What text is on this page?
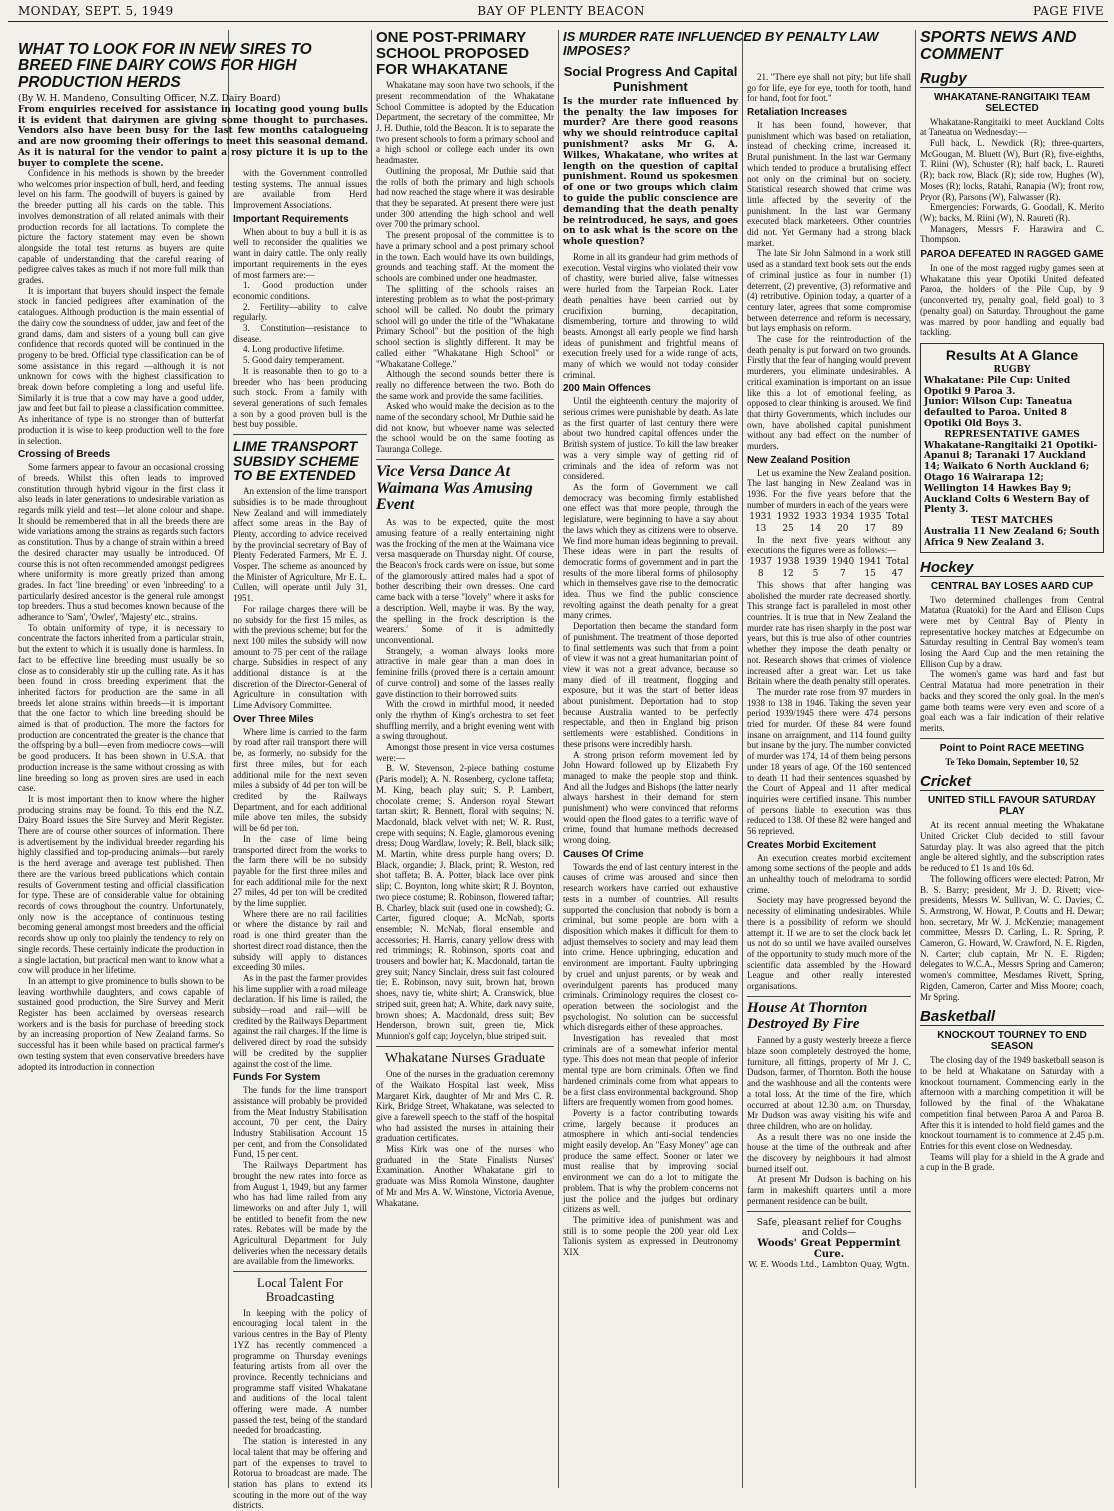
MONDAY, SEPT. 5, 1949	BAY OF PLENTY BEACON	PAGE FIVE
WHAT TO LOOK FOR IN NEW SIRES TO BREED FINE DAIRY COWS FOR HIGH PRODUCTION HERDS
(By W. H. Mandeno, Consulting Officer, N.Z. Dairy Board)
From enquiries received for assistance in locating good young bulls it is evident that dairymen are giving some thought to purchases. Vendors also have been busy for the last few months catalogueing and are now grooming their offerings to meet this seasonal demand. As it is natural for the vendor to paint a rosy picture it is up to the buyer to complete the scene.

Confidence in his methods is shown by the breeder who welcomes prior inspection of bull, herd, and feeding level on his farm. The goodwill of buyers is gained by the breeder putting all his cards on the table. This involves demonstration of all related animals with their production records for all lactations. To complete the picture the factory statement may even be shown alongside the total test returns as buyers are quite capable of understanding that the careful rearing of pedigree calves takes as much if not more full milk than grades.

It is important that buyers should inspect the female stock in fancied pedigrees after examination of the catalogues. Although production is the main essential of the dairy cow the soundness of udder, jaw and feet of the grand dams, dam and sisters of a young bull can give confidence that records quoted will be continued in the progeny to be bred. Official type classification can be of some assistance in this regard —although it is not unknown for cows with the highest classification to break down before completing a long and useful life. Similarly it is true that a cow may have a good udder, jaw and feet but fail to please a classification committee. As inheritance of type is no stronger than of butterfat production it is wise to keep production well to the fore in selection.

Crossing of Breeds

Some farmers appear to favour an occasional crossing of breeds. Whilst this often leads to improved constitution through hybrid vigour in the first class it also leads in later generations to undesirable variation as regards milk yield and test—let alone colour and shape. It should be remembered that in all the breeds there are wide variations among the strains as regards such factors as constitution. Thus by a change of strain within a breed the desired character may usually be introduced. Of course this is not often recommended amongst pedigrees where uniformity is more greatly prized than among grades. In fact 'line breeding' or even 'inbreeding' to a particularly desired ancestor is the general rule amongst top breeders. Thus a stud becomes known because of the adherance to 'Sam', 'Owler', 'Majesty' etc., strains.

To obtain uniformity of type, it is necessary to concentrate the factors inherited from a particular strain, but the extent to which it is usually done is harmless. In fact to be effective line breeding must usually be so close as to considerably stir up the culling rate. As it has been found in cross breeding experiment that the inherited factors for production are the same in all breeds let alone strains within breeds—it is important that the one factor to which line breeding should be aimed is that of production. The more the factors for production are concentrated the greater is the chance that the offspring by a bull—even from mediocre cows—will be good producers. It has been shown in U.S.A. that production increase is the same without crossing as with line breeding so long as proven sires are used in each case.

It is most important then to know where the higher producing strains may be found. To this end the N.Z. Dairy Board issues the Sire Survey and Merit Register. There are of course other sources of information. There is advertisement by the individual breeder regarding his highly classified and top-producing animals—but rarely is the herd average and average test published. Then there are the various breed publications which contain results of Government testing and official classification for type. These are of considerable value for obtaining records of cows throughout the country. Unfortunately, only now is the acceptance of continuous testing becoming general amongst most breeders and the official records show up only too plainly the tendency to rely on single records. These certainly indicate the production in a single lactation, but practical men want to know what a cow will produce in her lifetime.

In an attempt to give prominence to bulls shown to be leaving worthwhile daughters, and cows capable of sustained good production, the Sire Survey and Merit Register has been acclaimed by overseas research workers and is the basis for purchase of breeding stock by an increasing proportion of New Zealand farms. So successful has it been while based on practical farmer's own testing system that even conservative breeders have adopted its introduction in connection

with the Government controlled testing systems. The annual issues are available from Herd Improvement Associations.

Important Requirements

When about to buy a bull it is as well to reconsider the qualities we want in dairy cattle. The only really important requirements in the eyes of most farmers are:—

1. Good production under economic conditions.

2. Fertility—ability to calve regularly.

3. Constitution—resistance to disease.

4. Long productive lifetime.

5. Good dairy temperament.

It is reasonable then to go to a breeder who has been producing such stock. From a family with several generations of such females a son by a good proven bull is the best buy possible.

LIME TRANSPORT SUBSIDY SCHEME TO BE EXTENDED

An extension of the lime transport subsidies is to be made throughout New Zealand and will immediately affect some areas in the Bay of Plenty, according to advice received by the provincial secretary of Bay of Plenty Federated Farmers, Mr E. J. Vosper. The scheme as anounced by the Minister of Agriculture, Mr E. L. Cullen, will operate until July 31, 1951.

For railage charges there will be no subsidy for the first 15 miles, as with the previous scheme; but for the next 100 miles the subsidy will now amount to 75 per cent of the railage charge. Subsidies in respect of any additional distance is at the discretion of the Director-General of Agriculture in consultation with Lime Advisory Committee.

Over Three Miles

Where lime is carried to the farm by road after rail transport there will be, as formerly, no subsidy for the first three miles, but for each additional mile for the next seven miles a subsidy of 4d per ton will be credited by the Railways Department, and for each additional mile above ten miles, the subsidy will be 6d per ton.

In the case of lime being transported direct from the works to the farm there will be no subsidy payable for the first three miles and for each additional mile for the next 27 miles, 4d per ton will be credited by the lime supplier.

Where there are no rail facilities or where the distance by rail and road is one third greater than the shortest direct road distance, then the subsidy will apply to distances exceeding 30 miles.

As in the past the farmer provides his lime supplier with a road mileage declaration. If his lime is railed, the subsidy—road and rail—will be credited by the Railways Department against the rail charges. If the lime is delivered direct by road the subsidy will be credited by the supplier against the cost of the lime.

Funds For System

The funds for the lime transport assistance will probably be provided from the Meat Industry Stabilisation account, 70 per cent, the Dairy Industry Stabilisation Account 15 per cent, and from the Consolidated Fund, 15 per cent.

The Railways Department has brought the new rates into force as from August 1, 1949, but any farmer who has had lime railed from any limeworks on and after July 1, will be entitled to benefit from the new rates. Rebates will be made by the Agricultural Department for July deliveries when the necessary details are available from the limeworks.

Local Talent For Broadcasting

In keeping with the policy of encouraging local talent in the various centres in the Bay of Plenty 1YZ has recently commenced a programme on Thursday evenings featuring artists from all over the province. Recently technicians and programme staff visited Whakatane and auditions of the local talent offering were made. A number passed the test, being of the standard needed for broadcasting.

The station is interested in any local talent that may be offering and part of the expenses to travel to Rotorua to broadcast are made. The station has plans to extend its scouting in the more out of the way districts.

ONE POST-PRIMARY SCHOOL PROPOSED FOR WHAKATANE

Whakatane may soon have two schools, if the present recommendation of the Whakatane School Committee is adopted by the Education Department, the secretary of the committee, Mr J. H. Duthie, told the Beacon. It is to separate the two present schools to form a primary school and a high school or college each under its own headmaster.

Outlining the proposal, Mr Duthie said that the rolls of both the primary and high schools had now reached the stage where it was desirable that they be separated. At present there were just under 300 attending the high school and well over 700 the primary school.

The present proposal of the committee is to have a primary school and a post primary school in the town. Each would have its own buildings, grounds and teaching staff. At the moment the schools are combined under one headmaster.

The splitting of the schools raises an interesting problem as to what the post-primary school will be called. No doubt the primary school will go under the title of the "Whakatane Primary School" but the position of the high school section is slightly different. It may be called either "Whakatane High School" or "Whakatane College."

Although the second sounds better there is really no difference between the two. Both do the same work and provide the same facilities.

Asked who would make the decision as to the name of the secondary school, Mr Duthie said he did not know, but whoever name was selected the school would be on the same footing as Tauranga College.

Vice Versa Dance At Waimana Was Amusing Event

As was to be expected, quite the most amusing feature of a really entertaining night was the frocking of the men at the Waimana vice versa masquerade on Thursday night. Of course, the Beacon's frock cards were on issue, but some of the glamorously attired males had a spot of bother describing their own dresses. One card came back with a terse "lovely" where it asks for a description. Well, maybe it was. By the way, the spelling in the frock description is the wearers.' Some of it is admittedly unconventional.

Strangely, a woman always looks more attractive in male gear than a man does in feminine frills (proved there is a certain amount of curve control) and some of the lasses really gave distinction to their borrowed suits

With the crowd in mirthful mood, it needed only the rhythm of King's orchestra to set feet shuffling merrily, and a bright evening went with a swing throughout.

Amongst those present in vice versa costumes were:—

B. W. Stevenson, 2-piece bathing costume (Paris model); A. N. Rosenberg, cyclone taffeta; M. King, beach play suit; S. P. Lambert, chocolate creme; S. Anderson royal Stewart tartan skirt; R. Bennett, floral with sequins; N. Macdonald, black velvet with net; W. R. Rust, crepe with sequins; N. Eagle, glamorous evening dress; Doug Wardlaw, lovely; R. Bell, black silk; M. Martin, white dress purple hang overs; D. Black, organdie; J. Black, print; R. Weston, red shot taffeta; B. A. Potter, black lace over pink slip; C. Boynton, long white skirt; R J. Boynton, two piece costume; R. Robinson, flowered taftar; B. Charley, black suit (used one in cowshed); G. Carter, figured cloque; A. McNab, sports ensemble; N. McNab, floral ensemble and accessories; H. Harris, canary yellow dress with red trimmings; R. Robinson, sports coat and trousers and bowler hat; K. Macdonald, tartan tie grey suit; Nancy Sinclair, dress suit fast coloured tie; E. Robinson, navy suit, brown hat, brown shoes, navy tie, white shirt; A. Cranswick, blue striped suit, green hat; A. White, dark navy suite, brown shoes; A. Macdonald, dress suit; Bev Henderson, brown suit, green tie, Mick Munnion's golf cap; Joycelyn, blue striped suit.

Whakatane Nurses Graduate

One of the nurses in the graduation ceremony of the Waikato Hospital last week, Miss Margaret Kirk, daughter of Mr and Mrs C. R. Kirk, Bridge Street, Whakatane, was selected to give a farewell speech to the staff of the hospital who had assisted the nurses in attaining their graduation certificates.

Miss Kirk was one of the nurses who graduated in the State Finalists Nurses' Examination. Another Whakatane girl to graduate was Miss Romola Winstone, daughter of Mr and Mrs A. W. Winstone, Victoria Avenue, Whakatane.

IS MURDER RATE INFLUENCED BY PENALTY LAW IMPOSES?
Social Progress And Capital Punishment
Is the murder rate influenced by the penalty the law imposes for murder? Are there good reasons why we should reintroduce capital punishment? asks Mr G. A. Wilkes, Whakatane, who writes at length on the question of capital punishment. Round us spokesmen of one or two groups which claim to guide the public conscience are demanding that the death penalty be reintroduced, he says, and goes on to ask what is the score on the whole question?

Rome in all its grandeur had grim methods of execution. Vestal virgins who violated their vow of chastity, were buried alive, false witnesses were hurled from the Tarpeian Rock. Later death penalties have been carried out by crucifixion burning, decapitation, dismembering, torture and throwing to wild beasts. Amongst all early people we find harsh ideas of punishment and frightful means of execution freely used for a wide range of acts, many of which we would not today consider criminal.

200 Main Offences

Until the eighteenth century the majority of serious crimes were punishable by death. As late as the first quarter of last century there were about two hundred capital offences under the British system of justice. To kill the law breaker was a very simple way of getting rid of criminals and the idea of reform was not considered.

As the form of Government we call democracy was becoming firmly established one effect was that more people, through the legislature, were beginning to have a say about the laws which they as citizens were to observe. We find more human ideas beginning to prevail. These ideas were in part the results of democratic forms of government and in part the results of the more liberal forms of philosophy which in themselves gave rise to the democratic idea. Thus we find the public conscience revolting against the death penalty for a great many crimes.

Deportation then became the standard form of punishment. The treatment of those deported to final settlements was such that from a point of view it was not a great humanitarian point of view it was not a great advance, because so many died of ill treatment, flogging and exposure, but it was the start of better ideas about punishment. Deportation had to stop because Australia wanted to be perfectly respectable, and then in England big prison settlements were established. Conditions in these prisons were incredibly harsh.

A strong prison reform movement led by John Howard followed up by Elizabeth Fry managed to make the people stop and think. And all the Judges and Bishops (the latter nearly always harshest in their demand for stern punishment) who were convinced that reforms would open the flood gates to a terrific wave of crime, found that humane methods decreased wrong doing.

Causes Of Crime

Towards the end of last century interest in the causes of crime was aroused and since then research workers have carried out exhaustive tests in a number of countries. All results supported the conclusion that nobody is born a criminal, but some people are born with a disposition which makes it difficult for them to adjust themselves to society and may lead them into crime. Hence upbringing, education and environment are important. Faulty upbringing by cruel and unjust parents, or by weak and overindulgent parents has produced many criminals. Criminology requires the closest co-operation between the sociologist and the psychologist. No solution can be successful which disregards either of these approaches.

Investigation has revealed that most criminals are of a somewhat inferior mental type. This does not mean that people of inferior mental type are born criminals. Often we find hardened criminals come from what appears to be a first class environmental background. Shop lifters are frequently women from good homes.

Poverty is a factor contributing towards crime, largely because it produces an atmosphere in which anti-social tendencies might easily develop. An "Easy Money" age can produce the same effect. Sooner or later we must realise that by improving social environment we can do a lot to mitigate the problem. That is why the problem concerns not just the police and the judges but ordinary citizens as well.

The primitive idea of punishment was and still is to some people the 200 year old Lex Talionis system as expressed in Deutronomy XIX

21. "There eye shall not pity; but life shall go for life, eye for eye, tooth for tooth, hand for hand, foot for foot."

Retaliation Increases

It has been found, however, that punishment which was based on retaliation, instead of checking crime, increased it. Brutal punishment. In the last war Germany which tended to produce a brutalising effect not only on the criminal but on society. Statistical research showed that crime was little affected by the severity of the punishment. In the last war Germany executed black marketeers. Other countries did not. Yet Germany had a strong black market.

The late Sir John Salmond in a work still used as a standard text book sets out the ends of criminal justice as four in number (1) deterrent, (2) preventive, (3) reformative and (4) retributive. Opinion today, a quarter of a century later, agrees that some compromise between deterrence and reform is necessary, but lays emphasis on reform.

The case for the reintroduction of the death penalty is put forward on two grounds. Firstly that the fear of hanging would prevent murderers, you eliminate undesirables. A critical examination is important on an issue like this a lot of emotional feeling, as opposed to clear thinking is aroused. We find that thirty Governments, which includes our own, have abolished capital punishment without any bad effect on the number of murders.

New Zealand Position

Let us examine the New Zealand position. The last hanging in New Zealand was in 1936. For the five years before that the number of murders in each of the years were

1931	1932	1933	1934	1935	Total
13	25	14	20	17	89

In the next five years without any executions the figures were as follows:—

1937	1938	1939	1940	1941	Total
8	12	5	7	15	47

This shows that after hanging was abolished the murder rate decreased shortly. This strange fact is paralleled in most other countries. It is true that in New Zealand the murder rate has risen sharply in the post war years, but this is true also of other countries whether they impose the death penalty or not. Research shows that crimes of violence increased after a great war. Let us take Britain where the death penalty still operates.

The murder rate rose from 97 murders in 1938 to 138 in 1946. Taking the seven year period 1939/1945 there were 474 persons tried for murder. Of these 84 were found insane on arraignment, and 114 found guilty but insane by the jury. The number convicted of murder was 174, 14 of them being persons under 18 years of age. Of the 160 sentenced to death 11 had their sentences squashed by the Court of Appeal and 11 after medical inquiries were certified insane. This number of persons liable to execution was thus reduced to 138. Of these 82 were hanged and 56 reprieved.

Creates Morbid Excitement

An execution creates morbid excitement among some sections of the people and adds an unhealthy touch of melodrama to sordid crime.

Society may have progressed beyond the necessity of eliminating undesirables. While there is a possibility of reform we should attempt it. If we are to set the clock back let us not do so until we have availed ourselves of the opportunity to study much more of the scientific data assembled by the Howard League and other really interested organisations.

House At Thornton Destroyed By Fire

Fanned by a gusty westerly breeze a fierce blaze soon completely destroyed the home, furniture, all fittings, property of Mr J. C. Dudson, farmer, of Thornton. Both the house and the washhouse and all the contents were a total loss. At the time of the fire, which occurred at about 12.30 a.m. on Thursday, Mr Dudson was away visiting his wife and three children, who are on holiday.

As a result there was no one inside the house at the time of the outbreak and after the discovery by neighbours it had almost burned itself out.

At present Mr Dudson is baching on his farm in makeshift quarters until a more permanent residence can be built.

Safe, pleasant relief for Coughs and Colds—
Woods' Great Peppermint Cure.
W. E. Woods Ltd., Lambton Quay, Wgtn.
SPORTS NEWS AND COMMENT
Rugby
WHAKATANE-RANGITAIKI TEAM SELECTED

Whakatane-Rangitaiki to meet Auckland Colts at Taneatua on Wednesday:—

Full back, L. Newdick (R); three-quarters, McGougan, M. Bluett (W), Burt (R), five-eighths, T. Riini (W), Schuster (R); half back, L. Raureti (R); back row, Black (R); side row, Hughes (W), Moses (R); locks, Ratahi, Ranapia (W); front row, Pryor (R), Parsons (W), Falwasser (R).

Emergencies: Forwards, G. Goodall, K. Merito (W); backs, M. Riini (W), N. Raureti (R).

Managers, Messrs F. Harawira and C. Thompson.

PAROA DEFEATED IN RAGGED GAME

In one of the most ragged rugby games seen at Whakatane this year Opotiki United defeated Paroa, the holders of the Pile Cup, by 9 (unconverted try, penalty goal, field goal) to 3 (penalty goal) on Saturday. Throughout the game was marred by poor handling and equally bad tackling.

Results At A Glance

RUGBY

Whakatane: Pile Cup: United Opotiki 9 Paroa 3.

Junior: Wilson Cup: Taneatua defaulted to Paroa. United 8 Opotiki Old Boys 3.

REPRESENTATIVE GAMES

Whakatane-Rangitaiki 21 Opotiki-Apanui 8; Taranaki 17 Auckland 14; Waikato 6 North Auckland 6; Otago 16 Wairarapa 12; Wellington 14 Hawkes Bay 9; Auckland Colts 6 Western Bay of Plenty 3.

TEST MATCHES

Australia 11 New Zealand 6; South Africa 9 New Zealand 3.

Hockey
CENTRAL BAY LOSES AARD CUP

Two determined challenges from Central Matatua (Ruatoki) for the Aard and Ellison Cups were met by Central Bay of Plenty in representative hockey matches at Edgecumbe on Saturday resulting in Central Bay women's team losing the Aard Cup and the men retaining the Ellison Cup by a draw.

The women's game was hard and fast but Central Matatua had more penetration in their backs and they scored the only goal. In the men's game both teams were very even and score of a goal each was a fair indication of their relative merits.

Point to Point RACE MEETING

Te Teko Domain, September 10, 52

Cricket
UNITED STILL FAVOUR SATURDAY PLAY

At its recent annual meeting the Whakatane United Cricket Club decided to still favour Saturday play. It was also agreed that the pitch angle be altered sightly, and the subscription rates be reduced to £1 1s and 10s 6d.

The following officers were elected: Patron, Mr B. S. Barry; president, Mr J. D. Rivett; vice-presidents, Messrs W. Sullivan, W. C. Davies, C. S. Armstrong, W. Howat, P. Coutts and H. Dewar; hon. secretary, Mr W. J. McKenzie; management committee, Messrs D. Carling, L. R. Spring, P. Cameron, G. Howard, W. Crawford, N. E. Rigden, N. Carter; club captain, Mr N. E. Rigden; delegates to W.C.A., Messrs Spring and Cameron; women's committee, Mesdames Rivett, Spring, Rigden, Cameron, Carter and Miss Moore; coach, Mr Spring.

Basketball
KNOCKOUT TOURNEY TO END SEASON

The closing day of the 1949 basketball season is to be held at Whakatane on Saturday with a knockout tournament. Commencing early in the afternoon with a marching competition it will be followed by the final of the Whakatane competition final between Paroa A and Paroa B. After this it is intended to hold field games and the knockout tournament is to commence at 2.45 p.m. Entries for this event close on Wednesday.

Teams will play for a shield in the A grade and a cup in the B grade.
